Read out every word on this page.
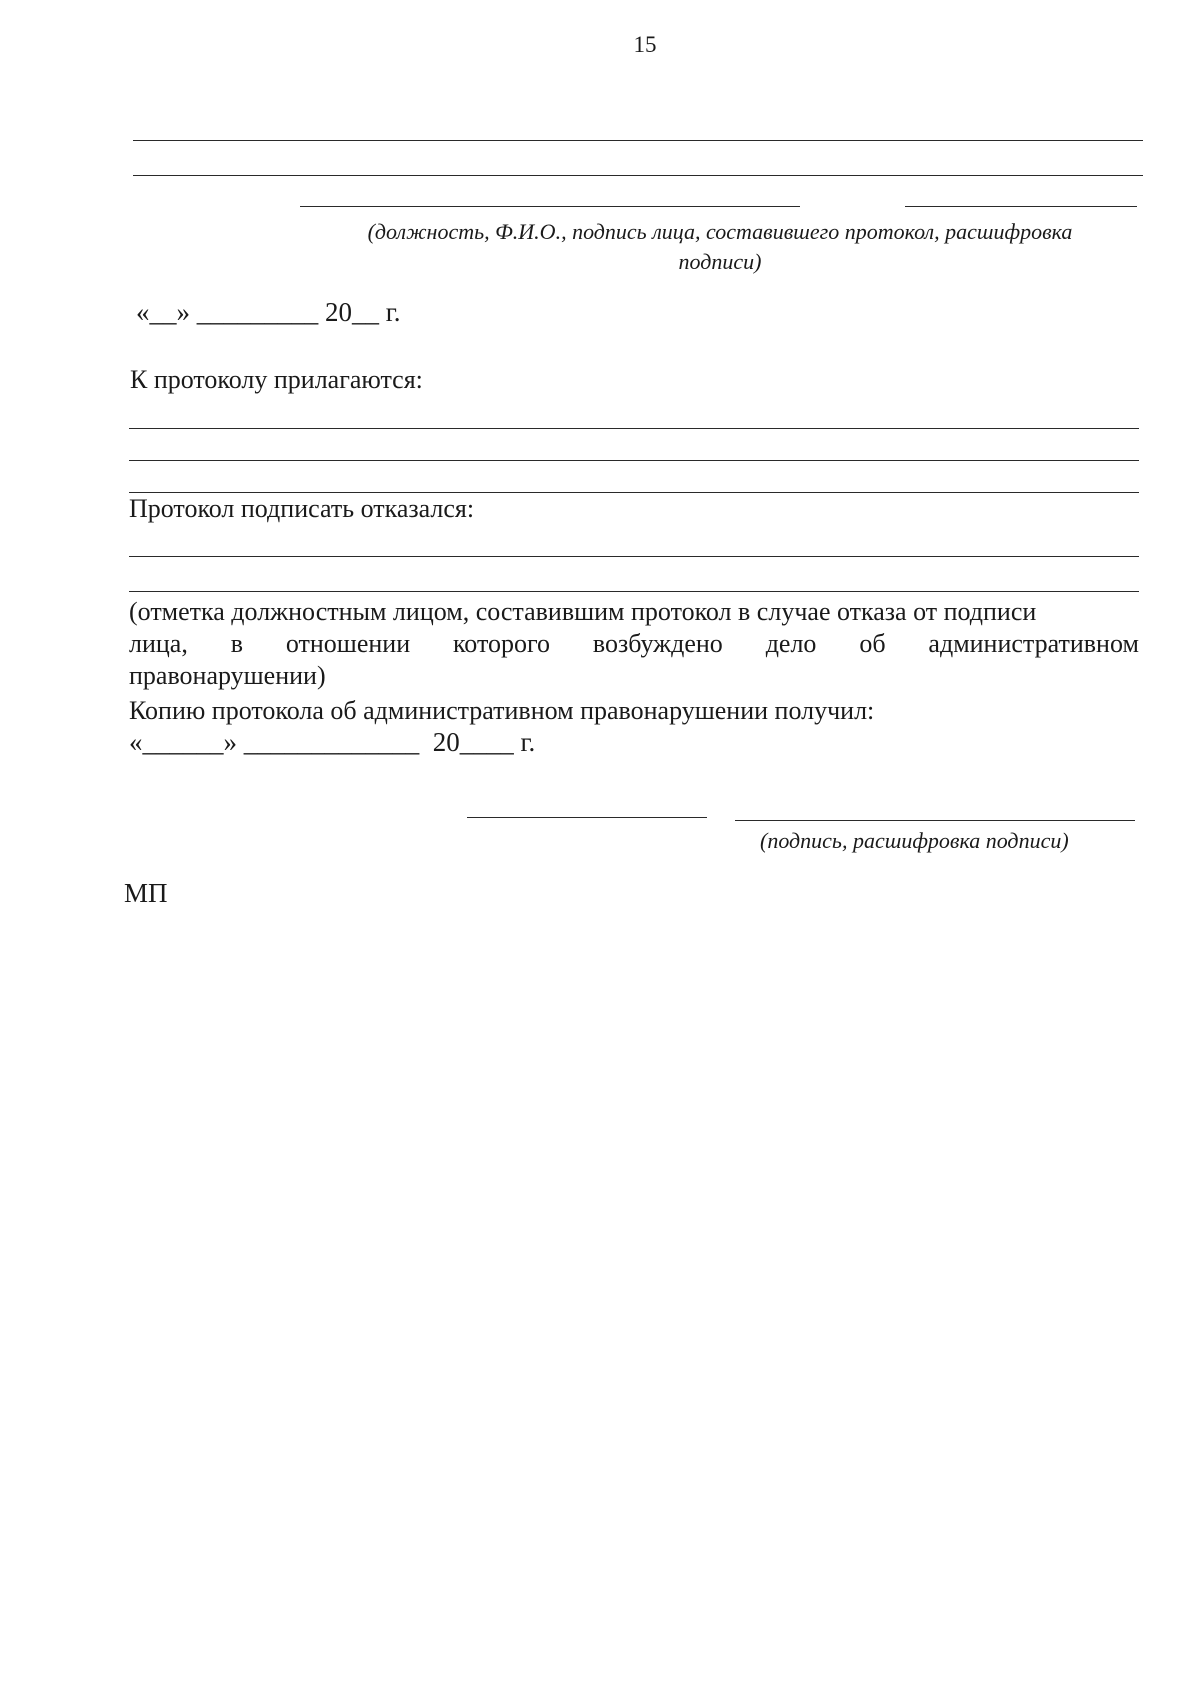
15
(должность, Ф.И.О., подпись лица, составившего протокол, расшифровка
подписи)
«__» _________ 20__ г.
К протоколу прилагаются:
Протокол подписать отказался:
(отметка должностным лицом, составившим протокол в случае отказа от подписи
лица, в отношении которого возбуждено дело об административном
правонарушении)
Копию протокола об административном правонарушении получил:
«______» _____________  20____ г.
(подпись, расшифровка подписи)
МП
